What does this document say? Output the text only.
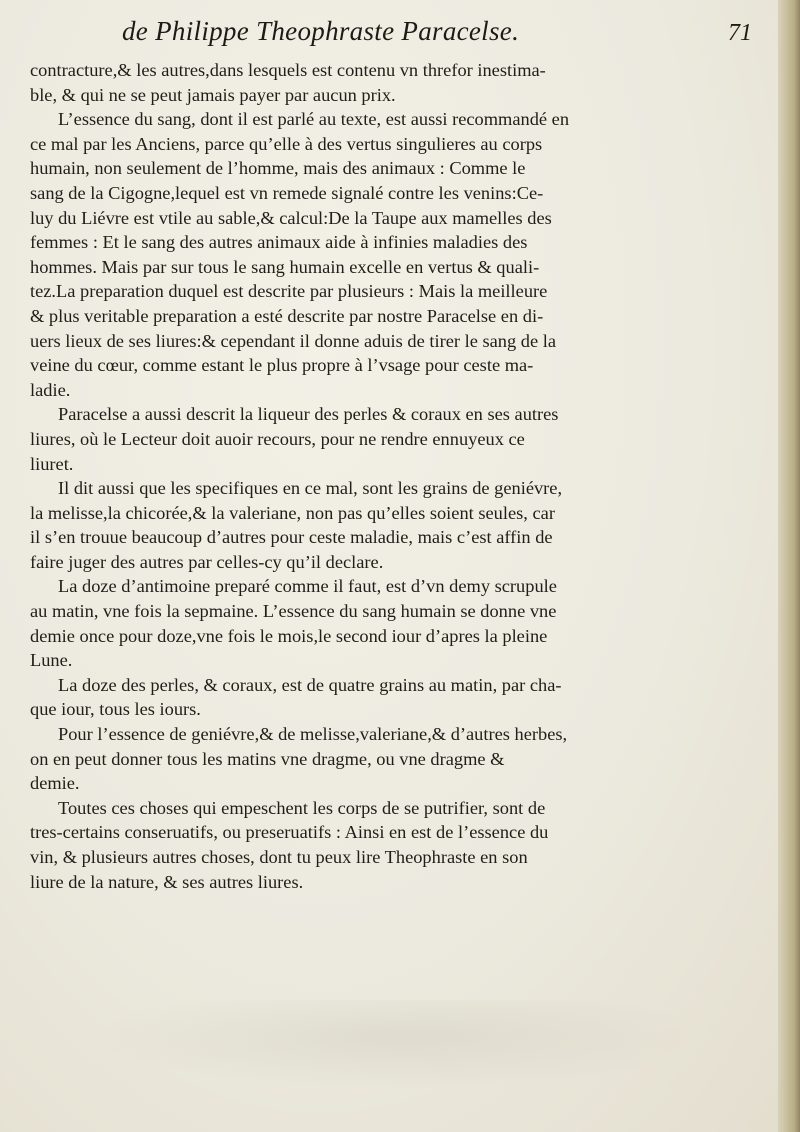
de Philippe Theophraste Paracelse.	71
contracture,& les autres,dans lesquels est contenu vn threfor inestima-
ble, & qui ne se peut jamais payer par aucun prix.
L’essence du sang, dont il est parlé au texte, est aussi recommandé en
ce mal par les Anciens, parce qu’elle à des vertus singulieres au corps
humain, non seulement de l’homme, mais des animaux : Comme le
sang de la Cigogne,lequel est vn remede signalé contre les venins:Ce-
luy du Liévre est vtile au sable,& calcul:De la Taupe aux mamelles des
femmes : Et le sang des autres animaux aide à infinies maladies des
hommes. Mais par sur tous le sang humain excelle en vertus & quali-
tez.La preparation duquel est descrite par plusieurs : Mais la meilleure
& plus veritable preparation a esté descrite par nostre Paracelse en di-
uers lieux de ses liures:& cependant il donne aduis de tirer le sang de la
veine du cœur, comme estant le plus propre à l’vsage pour ceste ma-
ladie.
Paracelse a aussi descrit la liqueur des perles & coraux en ses autres
liures, où le Lecteur doit auoir recours, pour ne rendre ennuyeux ce
liuret.
Il dit aussi que les specifiques en ce mal, sont les grains de geniévre,
la melisse,la chicorée,& la valeriane, non pas qu’elles soient seules, car
il s’en trouue beaucoup d’autres pour ceste maladie, mais c’est affin de
faire juger des autres par celles-cy qu’il declare.
La doze d’antimoine preparé comme il faut, est d’vn demy scrupule
au matin, vne fois la sepmaine. L’essence du sang humain se donne vne
demie once pour doze,vne fois le mois,le second iour d’apres la pleine
Lune.
La doze des perles, & coraux, est de quatre grains au matin, par cha-
que iour, tous les iours.
Pour l’essence de geniévre,& de melisse,valeriane,& d’autres herbes,
on en peut donner tous les matins vne dragme, ou vne dragme &
demie.
Toutes ces choses qui empeschent les corps de se putrifier, sont de
tres-certains conseruatifs, ou preseruatifs : Ainsi en est de l’essence du
vin, & plusieurs autres choses, dont tu peux lire Theophraste en son
liure de la nature, & ses autres liures.
